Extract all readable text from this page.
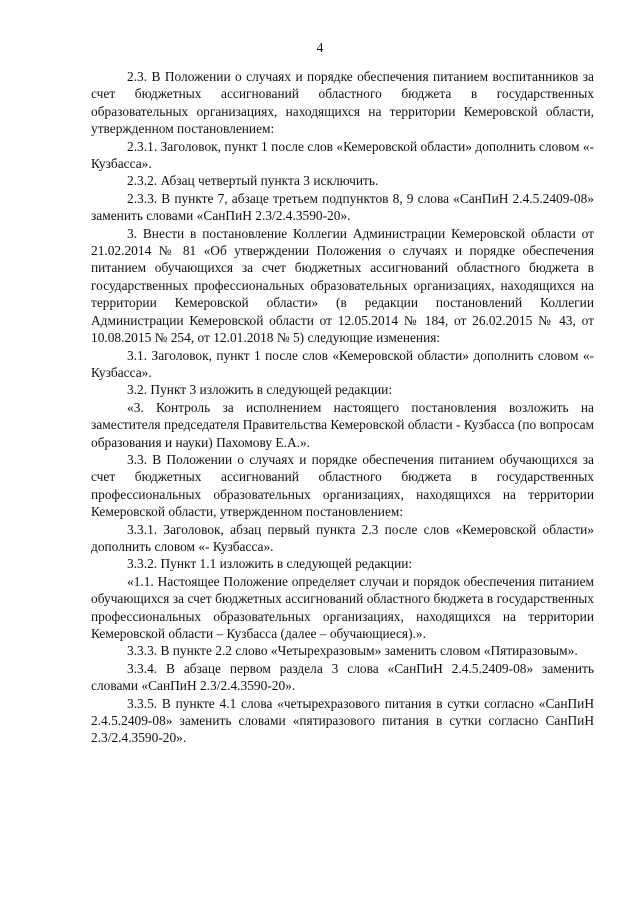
4

2.3. В Положении о случаях и порядке обеспечения питанием воспитанников за счет бюджетных ассигнований областного бюджета в государственных образовательных организациях, находящихся на территории Кемеровской области, утвержденном постановлением:

2.3.1. Заголовок, пункт 1 после слов «Кемеровской области» дополнить словом «- Кузбасса».

2.3.2. Абзац четвертый пункта 3 исключить.

2.3.3. В пункте 7, абзаце третьем подпунктов 8, 9 слова «СанПиН 2.4.5.2409-08» заменить словами «СанПиН 2.3/2.4.3590-20».

3. Внести в постановление Коллегии Администрации Кемеровской области от 21.02.2014 № 81 «Об утверждении Положения о случаях и порядке обеспечения питанием обучающихся за счет бюджетных ассигнований областного бюджета в государственных профессиональных образовательных организациях, находящихся на территории Кемеровской области» (в редакции постановлений Коллегии Администрации Кемеровской области от 12.05.2014 № 184, от 26.02.2015 № 43, от 10.08.2015 № 254, от 12.01.2018 № 5) следующие изменения:

3.1. Заголовок, пункт 1 после слов «Кемеровской области» дополнить словом «- Кузбасса».

3.2. Пункт 3 изложить в следующей редакции:

«3. Контроль за исполнением настоящего постановления возложить на заместителя председателя Правительства Кемеровской области - Кузбасса (по вопросам образования и науки) Пахомову Е.А.».

3.3. В Положении о случаях и порядке обеспечения питанием обучающихся за счет бюджетных ассигнований областного бюджета в государственных профессиональных образовательных организациях, находящихся на территории Кемеровской области, утвержденном постановлением:

3.3.1. Заголовок, абзац первый пункта 2.3 после слов «Кемеровской области» дополнить словом «- Кузбасса».

3.3.2. Пункт 1.1 изложить в следующей редакции:

«1.1. Настоящее Положение определяет случаи и порядок обеспечения питанием обучающихся за счет бюджетных ассигнований областного бюджета в государственных профессиональных образовательных организациях, находящихся на территории Кемеровской области – Кузбасса (далее – обучающиеся).».

3.3.3. В пункте 2.2 слово «Четырехразовым» заменить словом «Пятиразовым».

3.3.4. В абзаце первом раздела 3 слова «СанПиН 2.4.5.2409-08» заменить словами «СанПиН 2.3/2.4.3590-20».

3.3.5. В пункте 4.1 слова «четырехразового питания в сутки согласно «СанПиН 2.4.5.2409-08» заменить словами «пятиразового питания в сутки согласно СанПиН 2.3/2.4.3590-20».
